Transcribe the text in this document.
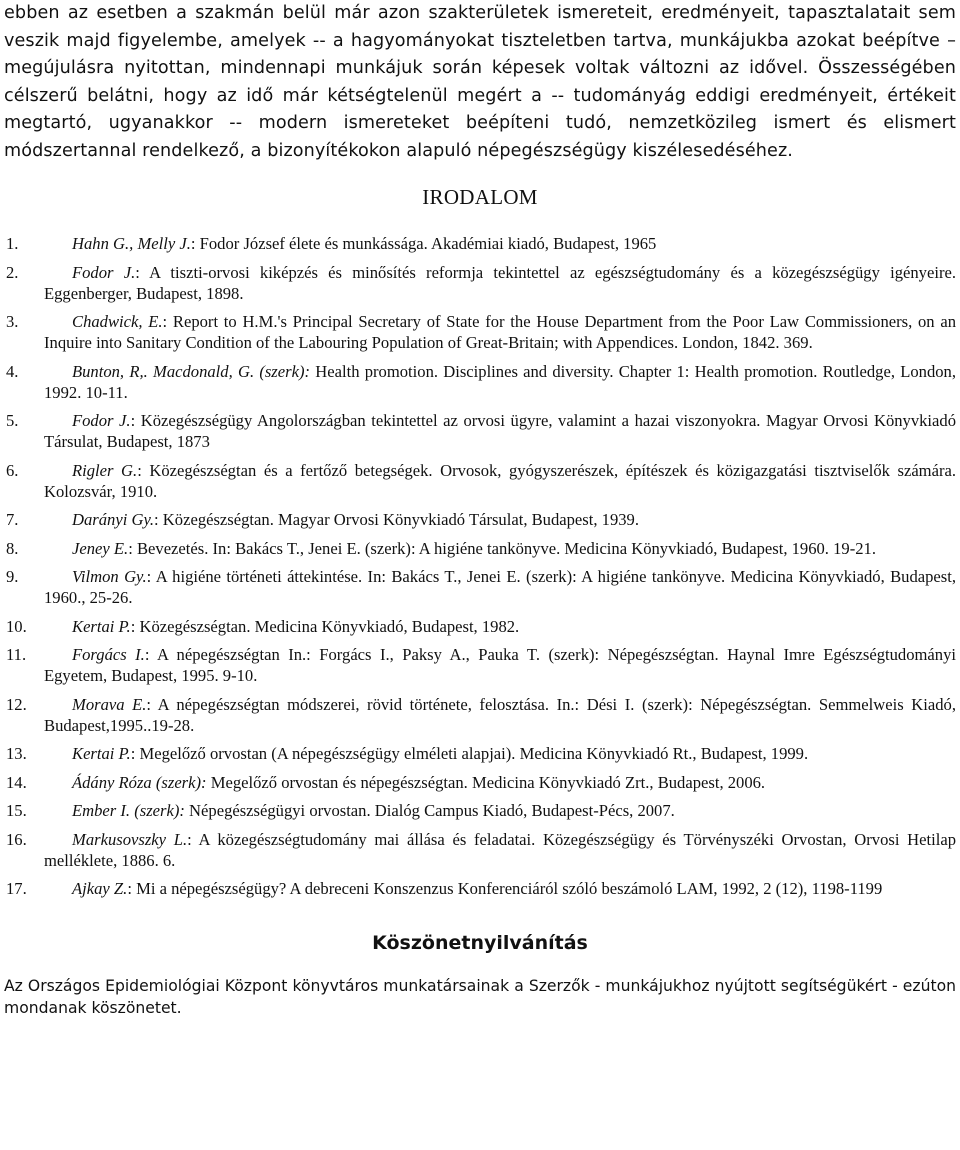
ebben az esetben a szakmán belül már azon szakterületek ismereteit, eredményeit, tapasztalatait sem veszik majd figyelembe, amelyek -- a hagyományokat tiszteletben tartva, munkájukba azokat beépítve – megújulásra nyitottan, mindennapi munkájuk során képesek voltak változni az idővel. Összességében célszerű belátni, hogy az idő már kétségtelenül megért a -- tudományág eddigi eredményeit, értékeit megtartó, ugyanakkor -- modern ismereteket beépíteni tudó, nemzetközileg ismert és elismert módszertannal rendelkező, a bizonyítékokon alapuló népegészségügy kiszélesedéséhez.

IRODALOM
1.	Hahn G., Melly J.: Fodor József élete és munkássága. Akadémiai kiadó, Budapest, 1965
2.	Fodor J.: A tiszti-orvosi kiképzés és minősítés reformja tekintettel az egészségtudomány és a közegészségügy igényeire. Eggenberger, Budapest, 1898.
3.	Chadwick, E.: Report to H.M.'s Principal Secretary of State for the House Department from the Poor Law Commissioners, on an Inquire into Sanitary Condition of the Labouring Population of Great-Britain; with Appendices. London, 1842. 369.
4.	Bunton, R,. Macdonald, G. (szerk): Health promotion. Disciplines and diversity. Chapter 1: Health promotion. Routledge, London, 1992. 10-11.
5.	Fodor J.: Közegészségügy Angolországban tekintettel az orvosi ügyre, valamint a hazai viszonyokra. Magyar Orvosi Könyvkiadó Társulat, Budapest, 1873
6.	Rigler G.: Közegészségtan és a fertőző betegségek. Orvosok, gyógyszerészek, építészek és közigazgatási tisztviselők számára. Kolozsvár, 1910.
7.	Darányi Gy.: Közegészségtan. Magyar Orvosi Könyvkiadó Társulat, Budapest, 1939.
8.	Jeney E.: Bevezetés. In: Bakács T., Jenei E. (szerk): A higiéne tankönyve. Medicina Könyvkiadó, Budapest, 1960. 19-21.
9.	Vilmon Gy.: A higiéne történeti áttekintése. In: Bakács T., Jenei E. (szerk): A higiéne tankönyve. Medicina Könyvkiadó, Budapest, 1960., 25-26.
10.	Kertai P.: Közegészségtan. Medicina Könyvkiadó, Budapest, 1982.
11.	Forgács I.: A népegészségtan In.: Forgács I., Paksy A., Pauka T. (szerk): Népegészségtan. Haynal Imre Egészségtudományi Egyetem, Budapest, 1995. 9-10.
12.	Morava E.: A népegészségtan módszerei, rövid története, felosztása. In.: Dési I. (szerk): Népegészségtan. Semmelweis Kiadó, Budapest,1995..19-28.
13.	Kertai P.: Megelőző orvostan (A népegészségügy elméleti alapjai). Medicina Könyvkiadó Rt., Budapest, 1999.
14.	Ádány Róza (szerk): Megelőző orvostan és népegészségtan. Medicina Könyvkiadó Zrt., Budapest, 2006.
15.	Ember I. (szerk): Népegészségügyi orvostan. Dialóg Campus Kiadó, Budapest-Pécs, 2007.
16.	Markusovszky L.: A közegészségtudomány mai állása és feladatai. Közegészségügy és Törvényszéki Orvostan, Orvosi Hetilap melléklete, 1886. 6.
17.	Ajkay Z.: Mi a népegészségügy? A debreceni Konszenzus Konferenciáról szóló beszámoló LAM, 1992, 2 (12), 1198-1199
Köszönetnyilvánítás

Az Országos Epidemiológiai Központ könyvtáros munkatársainak a Szerzők - munkájukhoz nyújtott segítségükért - ezúton mondanak köszönetet.
